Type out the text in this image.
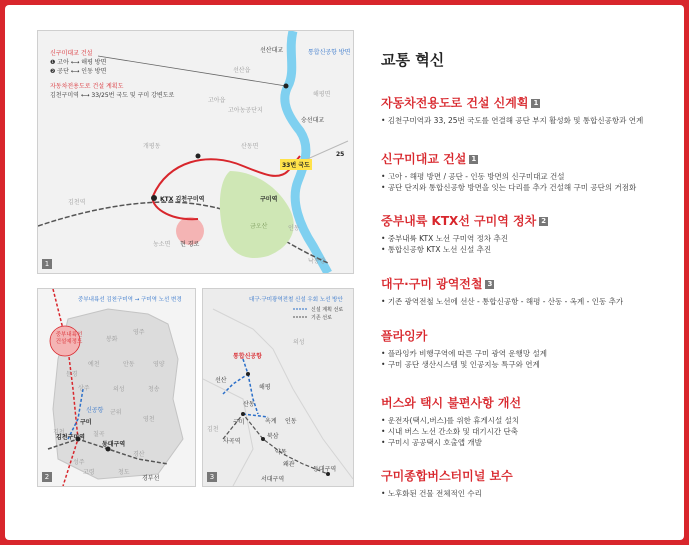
신구미대교 건설
❶ 고아 ⟷ 해평 방면
❷ 공단 ⟷ 인동 방면
자동차전용도로 건설 계획도
김천구미역 ⟷ 33/25번 국도 및 구미 강변도로
통합신공항 방면
선산대교
선산읍
해평면
고아읍
고아농공단지
숭선대교
개평동	산동면
33번 국도
25
김천역	KTX 김천구미역	구미역
금오산
농소면 현 경로
인동
낙동강
1
중부내륙선 김천구미역 → 구미역 노선 변경
중부내륙선 건설예정도	봉화
영주
예천	안동	영양
문경
상주	의성	청송
군위
영천
칠곡
김천
성주
고령
경산
청도
신공항
구미
김천구미역
동대구역
경부선
2
대구·구미광역전철 신설 우회 노선 방안
신설 계획 선로
기존 선로
의성
통합신공항
선산
해평
산동
김천
구미	옥계 인동
사곡역
북삼
약목
왜관
서대구역
동대구역
3
교통 혁신
자동차전용도로 건설 신계획 1
• 김천구미역과 33, 25번 국도를 연결해 공단 부지 활성화 및 통합신공항과 연계
신구미대교 건설 1
• 고아 - 해평 방면 / 공단 - 인동 방면의 신구미대교 건설
• 공단 단지와 통합신공항 방면을 잇는 다리를 추가 건설해 구미 공단의 거점화
중부내륙 KTX선 구미역 정차 2
• 중부내륙 KTX 노선 구미역 정차 추진
• 통합신공항 KTX 노선 신설 추진
대구·구미 광역전철 3
• 기존 광역전철 노선에 선산 - 통합신공항 - 해평 - 산동 - 옥계 - 인동 추가
플라잉카
• 플라잉카 비행구역에 따른 구미 광역 운행망 설계
• 구미 공단 생산시스템 및 인공지능 특구와 연계
버스와 택시 불편사항 개선
• 운전자(택시,버스)를 위한 휴게시설 설치
• 시내 버스 노선 간소화 및 대기시간 단축
• 구미시 공공택시 호출앱 개발
구미종합버스터미널 보수
• 노후화된 건물 전체적인 수리
